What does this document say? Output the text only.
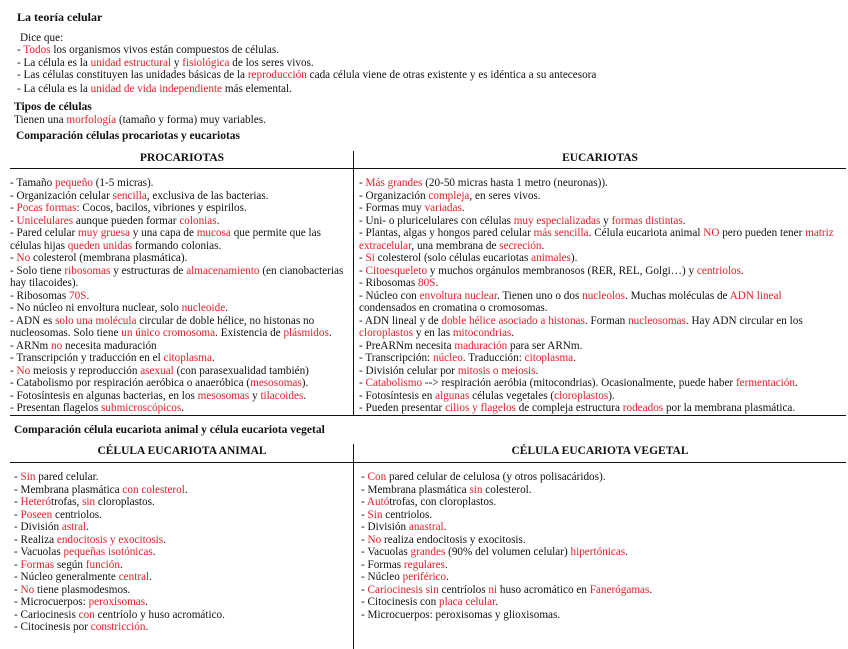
La teoría celular
Dice que:
- Todos los organismos vivos están compuestos de células.
- La célula es la unidad estructural y fisiológica de los seres vivos.
- Las células constituyen las unidades básicas de la reproducción cada célula viene de otras existente y es idéntica a su antecesora
- La célula es la unidad de vida independiente más elemental.
Tipos de células
Tienen una morfología (tamaño y forma) muy variables.
Comparación células procariotas y eucariotas
PROCARIOTAS	EUCARIOTAS
- Tamaño pequeño (1-5 micras).
- Organización celular sencilla, exclusiva de las bacterias.
- Pocas formas: Cocos, bacilos, vibriones y espirilos.
- Unicelulares aunque pueden formar colonias.
- Pared celular muy gruesa y una capa de mucosa que permite que las células hijas queden unidas formando colonias.
- No colesterol (membrana plasmática).
- Solo tiene ribosomas y estructuras de almacenamiento (en cianobacterias hay tilacoides).
- Ribosomas 70S.
- No núcleo ni envoltura nuclear, solo nucleoide.
- ADN es solo una molécula circular de doble hélice, no histonas no nucleosomas. Solo tiene un único cromosoma. Existencia de plásmidos.
- ARNm no necesita maduración
- Transcripción y traducción en el citoplasma.
- No meiosis y reproducción asexual (con parasexualidad también)
- Catabolismo por respiración aeróbica o anaeróbica (mesosomas).
- Fotosíntesis en algunas bacterias, en los mesosomas y tilacoides.
- Presentan flagelos submicroscópicos.
- Más grandes (20-50 micras hasta 1 metro (neuronas)).
- Organización compleja, en seres vivos.
- Formas muy variadas.
- Uni- o pluricelulares con células muy especializadas y formas distintas.
- Plantas, algas y hongos pared celular más sencilla. Célula eucariota animal NO pero pueden tener matriz extracelular, una membrana de secreción.
- Si colesterol (solo células eucariotas animales).
- Citoesqueleto y muchos orgánulos membranosos (RER, REL, Golgi…) y centriolos.
- Ribosomas 80S.
- Núcleo con envoltura nuclear. Tienen uno o dos nucleolos. Muchas moléculas de ADN lineal condensados en cromatina o cromosomas.
- ADN lineal y de doble hélice asociado a histonas. Forman nucleosomas. Hay ADN circular en los cloroplastos y en las mitocondrias.
- PreARNm necesita maduración para ser ARNm.
- Transcripción: núcleo. Traducción: citoplasma.
- División celular por mitosis o meiosis.
- Catabolismo --> respiración aeróbia (mitocondrias). Ocasionalmente, puede haber fermentación.
- Fotosíntesis en algunas células vegetales (cloroplastos).
- Pueden presentar cilios y flagelos de compleja estructura rodeados por la membrana plasmática.
Comparación célula eucariota animal y célula eucariota vegetal
CÉLULA EUCARIOTA ANIMAL	CÉLULA EUCARIOTA VEGETAL
- Sin pared celular.
- Membrana plasmática con colesterol.
- Heterótrofas, sin cloroplastos.
- Poseen centriolos.
- División astral.
- Realiza endocitosis y exocitosis.
- Vacuolas pequeñas isotónicas.
- Formas según función.
- Núcleo generalmente central.
- No tiene plasmodesmos.
- Microcuerpos: peroxisomas.
- Cariocinesis con centríolo y huso acromático.
- Citocinesis por constricción.
- Con pared celular de celulosa (y otros polisacáridos).
- Membrana plasmática sin colesterol.
- Autótrofas, con cloroplastos.
- Sin centriolos.
- División anastral.
- No realiza endocitosis y exocitosis.
- Vacuolas grandes (90% del volumen celular) hipertónicas.
- Formas regulares.
- Núcleo periférico.
- Cariocinesis sin centríolos ni huso acromático en Fanerógamas.
- Citocinesis con placa celular.
- Microcuerpos: peroxisomas y glioxisomas.
